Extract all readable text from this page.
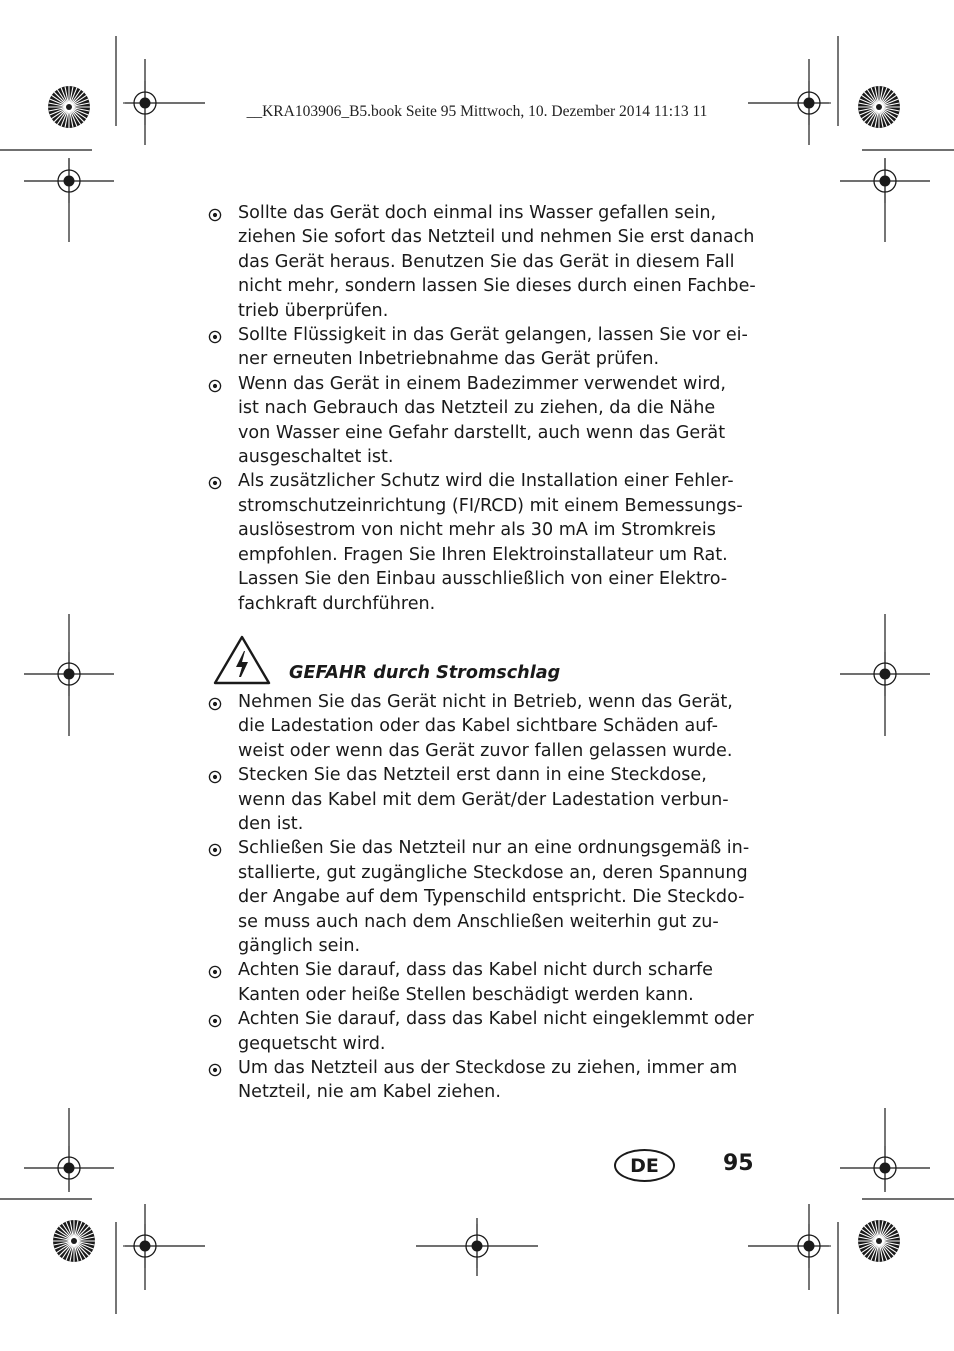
__KRA103906_B5.book Seite 95 Mittwoch, 10. Dezember 2014 11:13 11
Sollte das Gerät doch einmal ins Wasser gefallen sein,
ziehen Sie sofort das Netzteil und nehmen Sie erst danach
das Gerät heraus. Benutzen Sie das Gerät in diesem Fall
nicht mehr, sondern lassen Sie dieses durch einen Fachbe-
trieb überprüfen.
Sollte Flüssigkeit in das Gerät gelangen, lassen Sie vor ei-
ner erneuten Inbetriebnahme das Gerät prüfen.
Wenn das Gerät in einem Badezimmer verwendet wird,
ist nach Gebrauch das Netzteil zu ziehen, da die Nähe
von Wasser eine Gefahr darstellt, auch wenn das Gerät
ausgeschaltet ist.
Als zusätzlicher Schutz wird die Installation einer Fehler-
stromschutzeinrichtung (FI/RCD) mit einem Bemessungs-
auslösestrom von nicht mehr als 30 mA im Stromkreis
empfohlen. Fragen Sie Ihren Elektroinstallateur um Rat.
Lassen Sie den Einbau ausschließlich von einer Elektro-
fachkraft durchführen.
GEFAHR durch Stromschlag
Nehmen Sie das Gerät nicht in Betrieb, wenn das Gerät,
die Ladestation oder das Kabel sichtbare Schäden auf-
weist oder wenn das Gerät zuvor fallen gelassen wurde.
Stecken Sie das Netzteil erst dann in eine Steckdose,
wenn das Kabel mit dem Gerät/der Ladestation verbun-
den ist.
Schließen Sie das Netzteil nur an eine ordnungsgemäß in-
stallierte, gut zugängliche Steckdose an, deren Spannung
der Angabe auf dem Typenschild entspricht. Die Steckdo-
se muss auch nach dem Anschließen weiterhin gut zu-
gänglich sein.
Achten Sie darauf, dass das Kabel nicht durch scharfe
Kanten oder heiße Stellen beschädigt werden kann.
Achten Sie darauf, dass das Kabel nicht eingeklemmt oder
gequetscht wird.
Um das Netzteil aus der Steckdose zu ziehen, immer am
Netzteil, nie am Kabel ziehen.
DE	95
